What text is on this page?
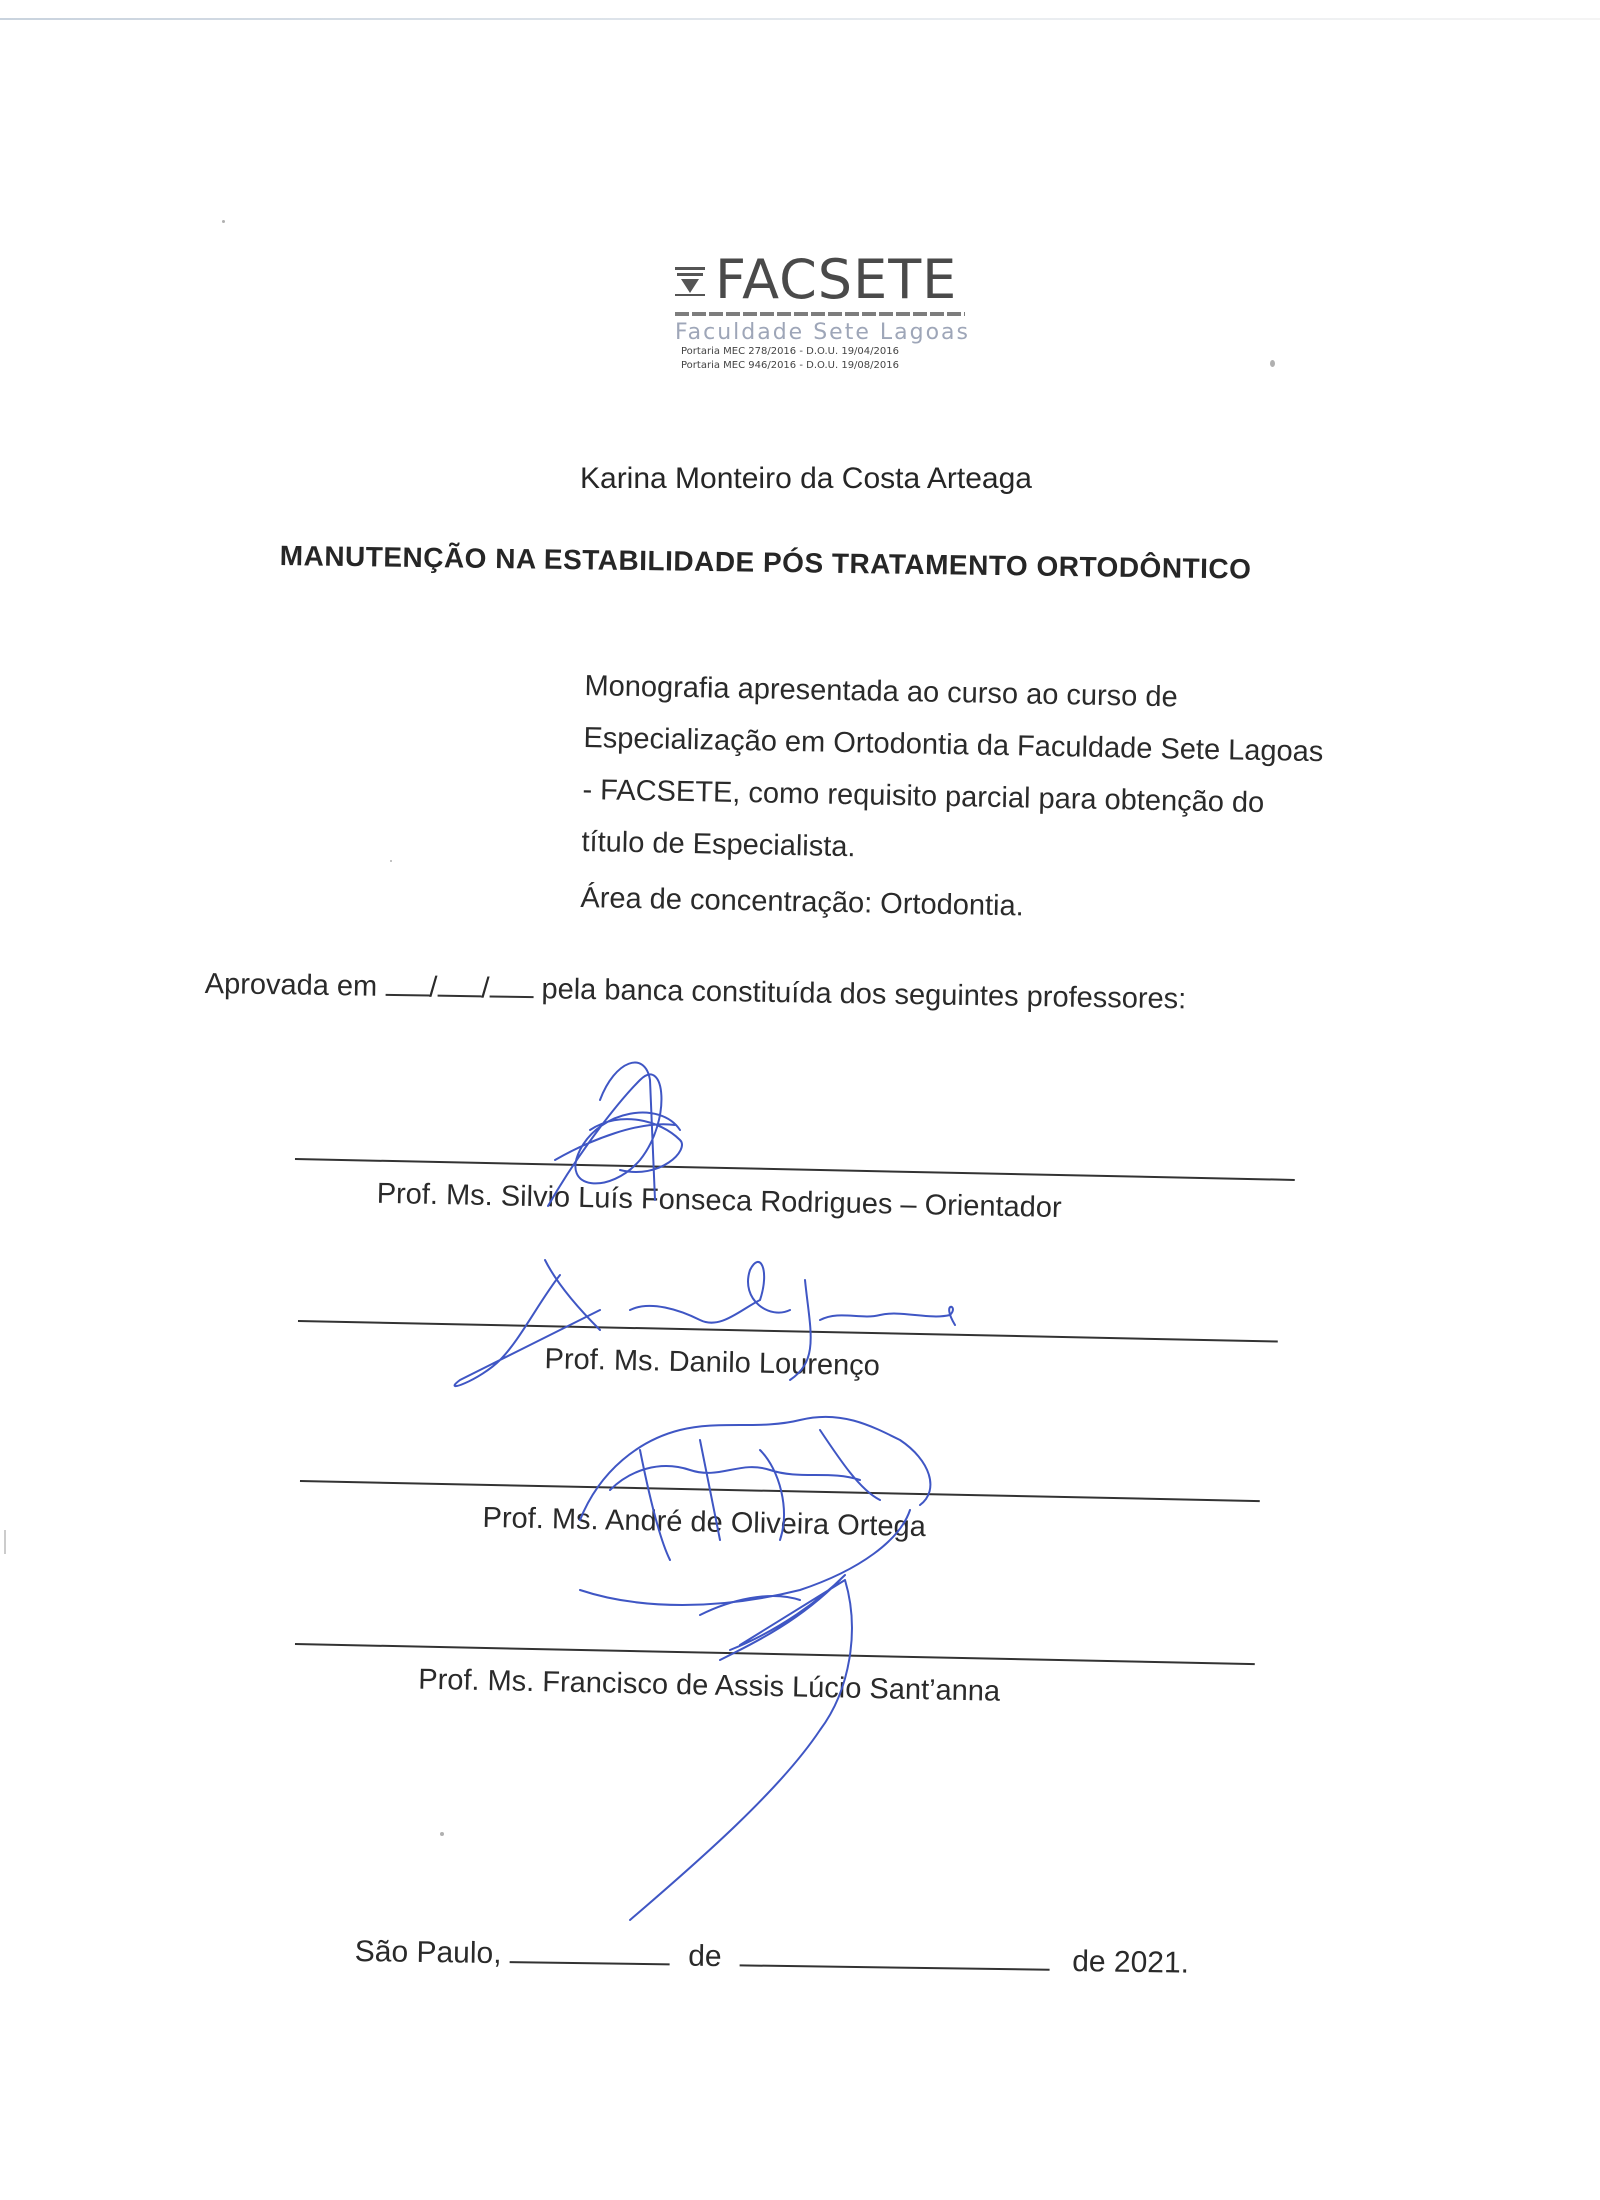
FACSETE
Faculdade Sete Lagoas
Portaria MEC 278/2016 - D.O.U. 19/04/2016
Portaria MEC 946/2016 - D.O.U. 19/08/2016
Karina Monteiro da Costa Arteaga
MANUTENÇÃO NA ESTABILIDADE PÓS TRATAMENTO ORTODÔNTICO

Monografia apresentada ao curso ao curso de

Especialização em Ortodontia da Faculdade Sete Lagoas

- FACSETE, como requisito parcial para obtenção do

título de Especialista.

Área de concentração: Ortodontia.

Aprovada em / / pela banca constituída dos seguintes professores:
Prof. Ms. Silvio Luís Fonseca Rodrigues – Orientador
Prof. Ms. Danilo Lourenço
Prof. Ms. André de Oliveira Ortega
Prof. Ms. Francisco de Assis Lúcio Sant’anna
São Paulo,	de	de 2021.
